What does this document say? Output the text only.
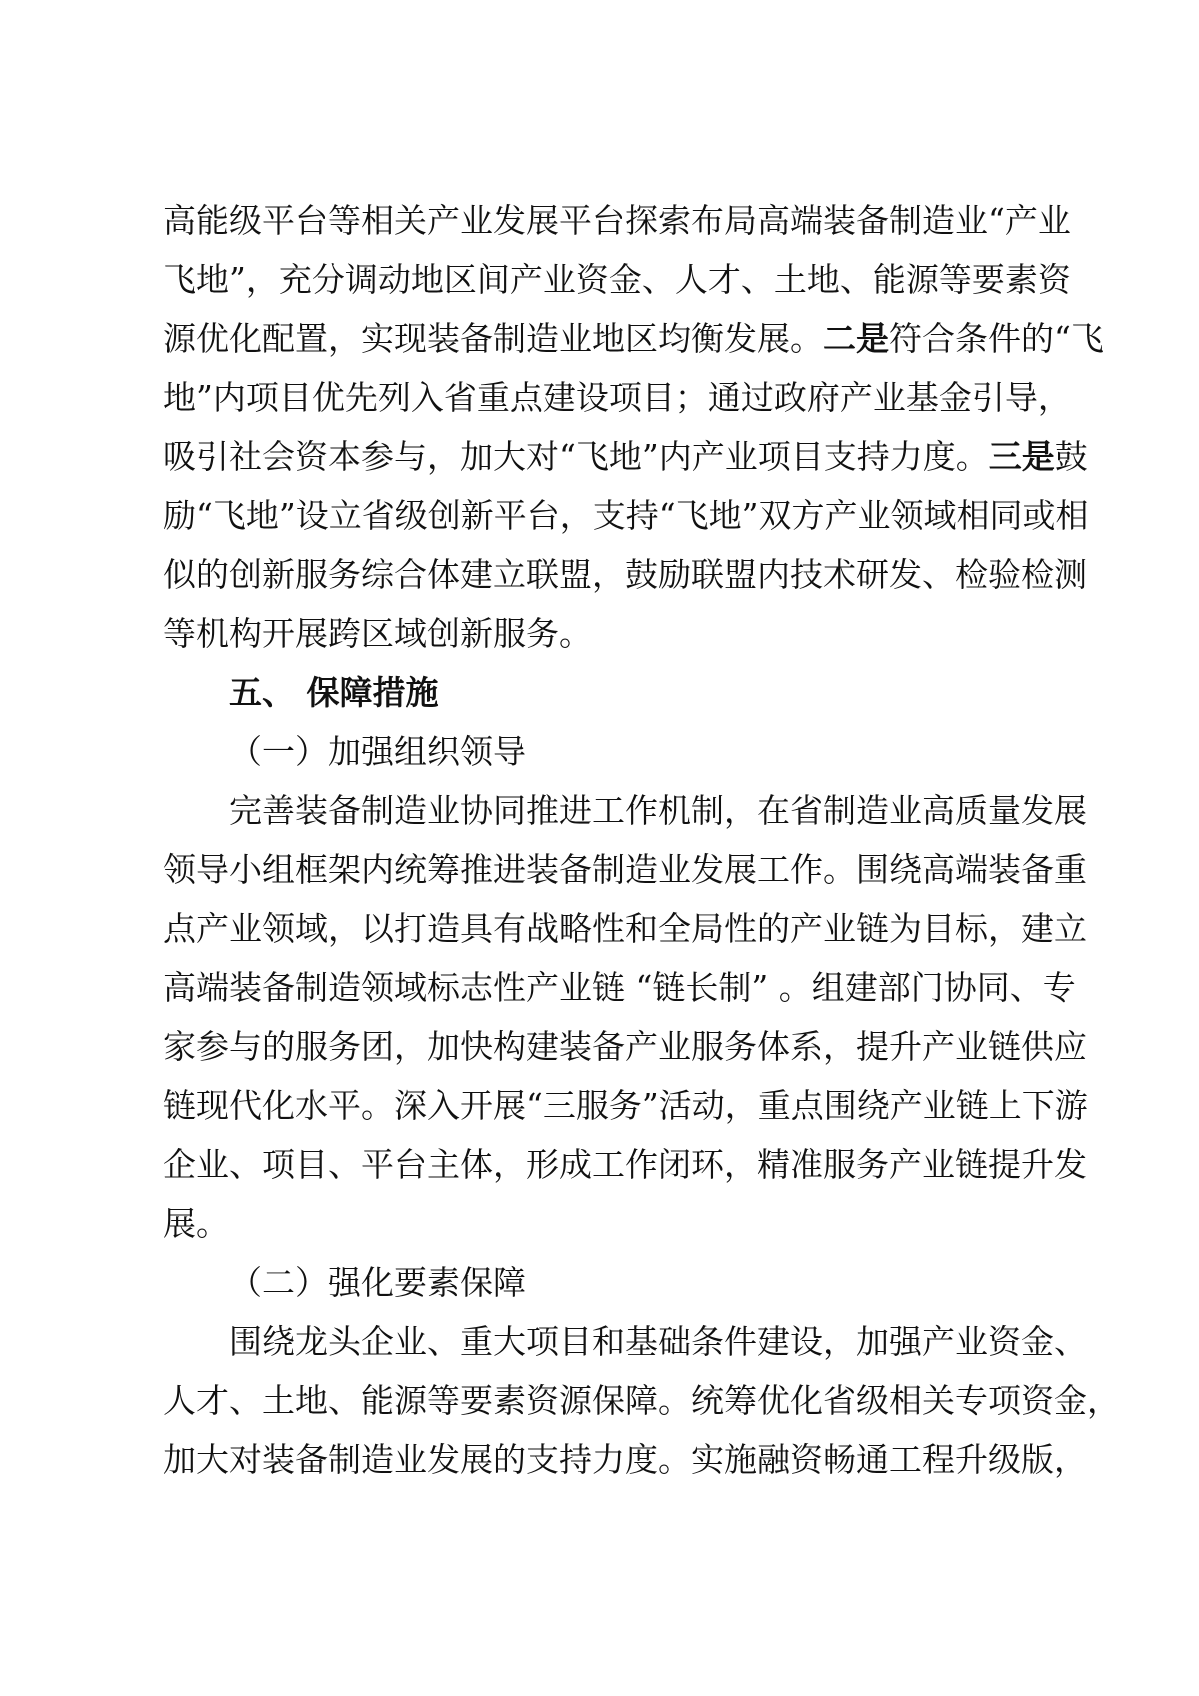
高能级平台等相关产业发展平台探索布局高端装备制造业“产业
飞地”，充分调动地区间产业资金、人才、土地、能源等要素资
源优化配置，实现装备制造业地区均衡发展。二是符合条件的“飞
地”内项目优先列入省重点建设项目；通过政府产业基金引导，
吸引社会资本参与，加大对“飞地”内产业项目支持力度。三是鼓
励“飞地”设立省级创新平台，支持“飞地”双方产业领域相同或相
似的创新服务综合体建立联盟，鼓励联盟内技术研发、检验检测
等机构开展跨区域创新服务。
五、 保障措施
（一）加强组织领导
完善装备制造业协同推进工作机制，在省制造业高质量发展
领导小组框架内统筹推进装备制造业发展工作。围绕高端装备重
点产业领域，以打造具有战略性和全局性的产业链为目标，建立
高端装备制造领域标志性产业链 “链长制” 。组建部门协同、专
家参与的服务团，加快构建装备产业服务体系，提升产业链供应
链现代化水平。深入开展“三服务”活动，重点围绕产业链上下游
企业、项目、平台主体，形成工作闭环，精准服务产业链提升发
展。
（二）强化要素保障
围绕龙头企业、重大项目和基础条件建设，加强产业资金、
人才、土地、能源等要素资源保障。统筹优化省级相关专项资金，
加大对装备制造业发展的支持力度。实施融资畅通工程升级版，
